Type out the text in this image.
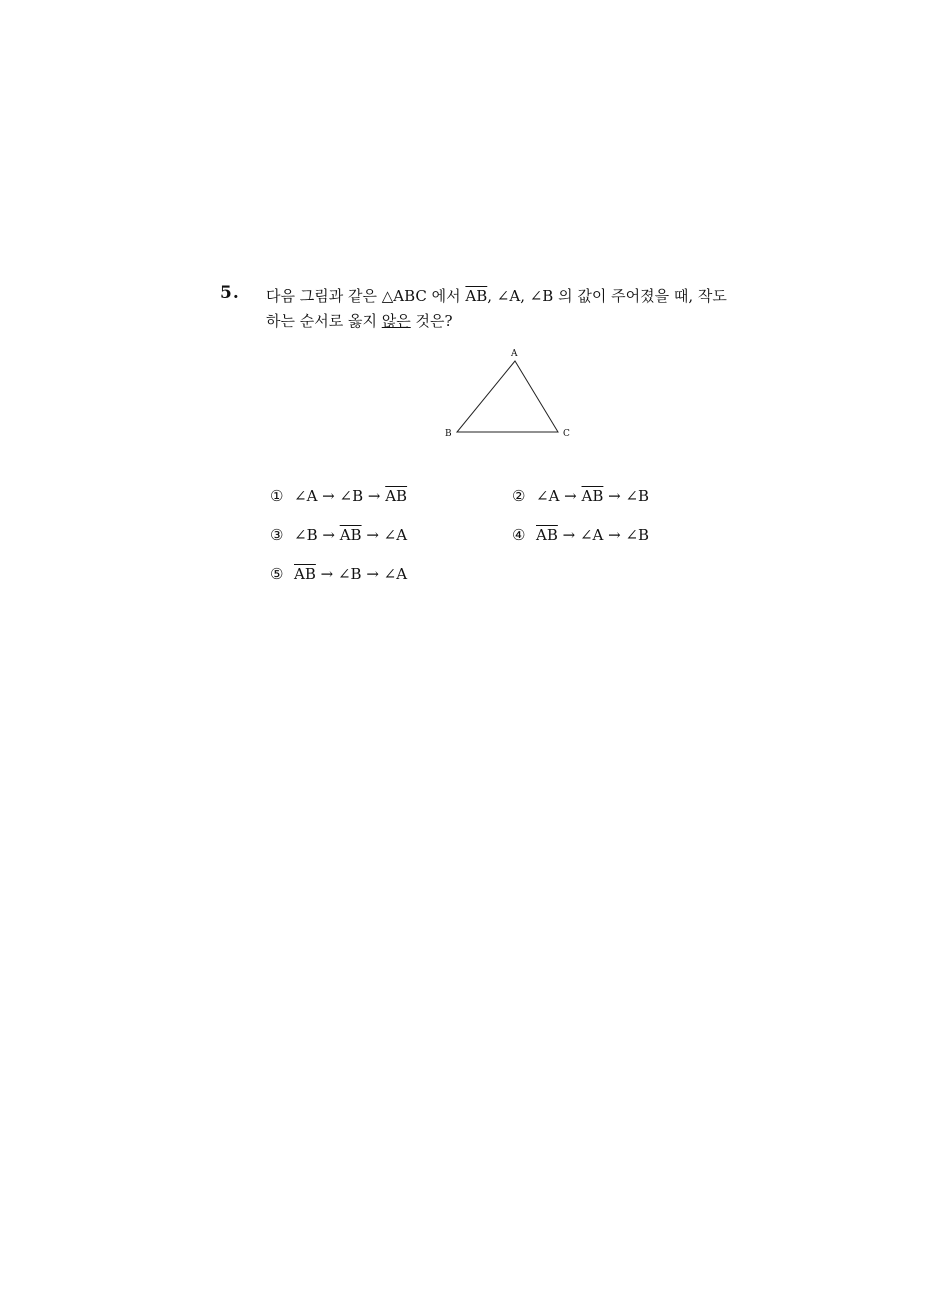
5. 다음 그림과 같은 △ABC 에서 $\overline{AB}$, ∠A, ∠B 의 값이 주어졌을 때, 작도
하는 순서로 옳지 않은 것은?
A
B	C
① ∠A → ∠B → $\overline{AB}$	② ∠A → $\overline{AB}$ → ∠B
③ ∠B → $\overline{AB}$ → ∠A	④ $\overline{AB}$ → ∠A → ∠B
⑤ $\overline{AB}$ → ∠B → ∠A
